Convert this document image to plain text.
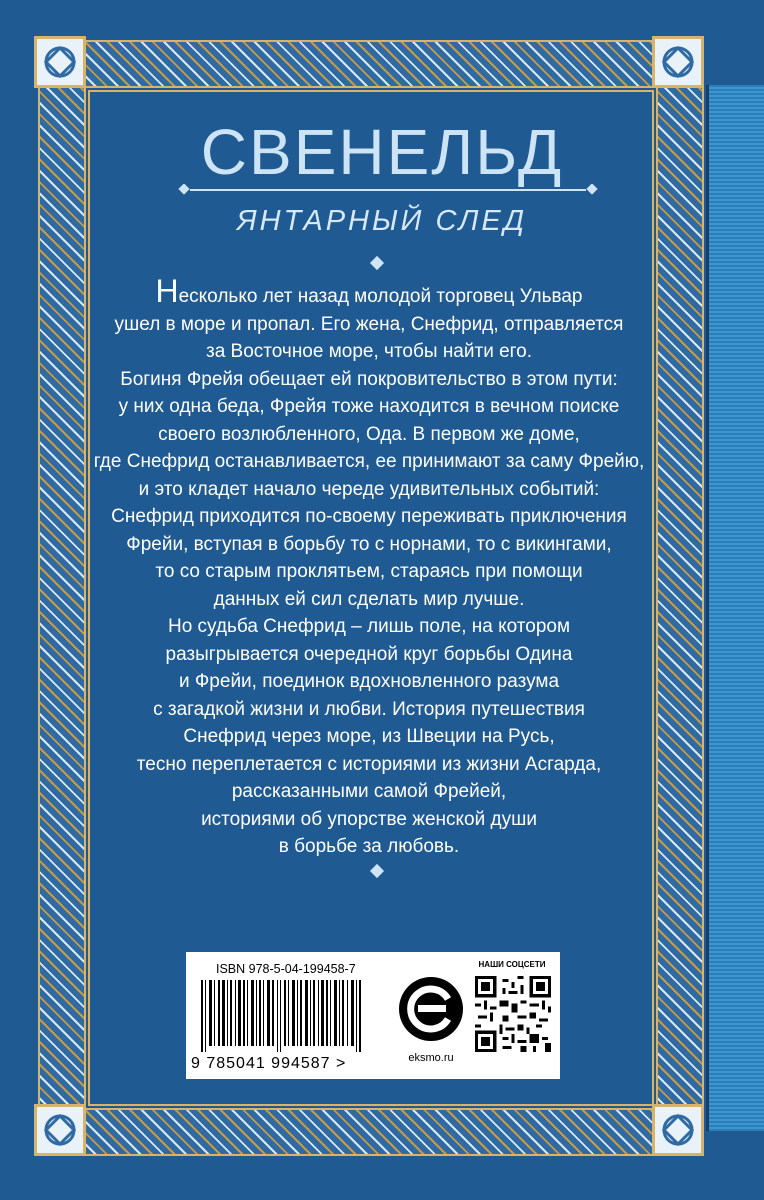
СВЕНЕЛЬД
ЯНТАРНЫЙ СЛЕД
Несколько лет назад молодой торговец Ульвар
ушел в море и пропал. Его жена, Снефрид, отправляется
за Восточное море, чтобы найти его.
Богиня Фрейя обещает ей покровительство в этом пути:
у них одна беда, Фрейя тоже находится в вечном поиске
своего возлюбленного, Ода. В первом же доме,
где Снефрид останавливается, ее принимают за саму Фрейю,
и это кладет начало череде удивительных событий:
Снефрид приходится по-своему переживать приключения
Фрейи, вступая в борьбу то с норнами, то с викингами,
то со старым проклятьем, стараясь при помощи
данных ей сил сделать мир лучше.
Но судьба Снефрид – лишь поле, на котором
разыгрывается очередной круг борьбы Одина
и Фрейи, поединок вдохновленного разума
с загадкой жизни и любви. История путешествия
Снефрид через море, из Швеции на Русь,
тесно переплетается с историями из жизни Асгарда,
рассказанными самой Фрейей,
историями об упорстве женской души
в борьбе за любовь.
ISBN 978-5-04-199458-7
9 785041 994587 >	eksmo.ru
НАШИ СОЦСЕТИ
